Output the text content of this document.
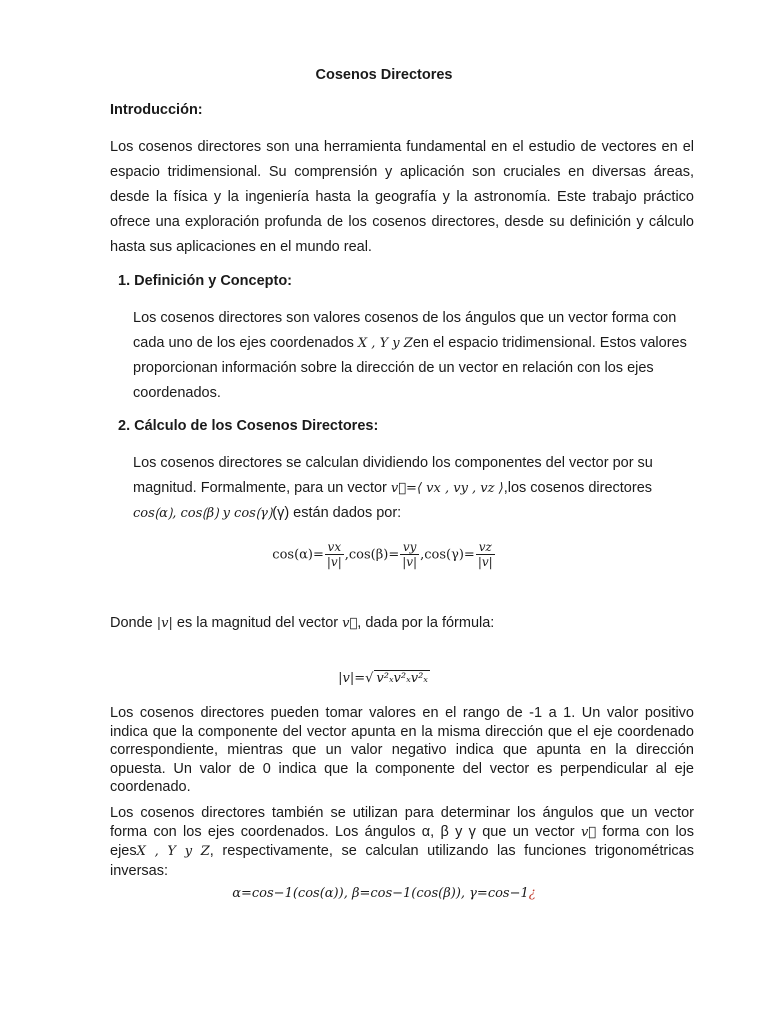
Cosenos Directores
Introducción:
Los cosenos directores son una herramienta fundamental en el estudio de vectores en el espacio tridimensional. Su comprensión y aplicación son cruciales en diversas áreas, desde la física y la ingeniería hasta la geografía y la astronomía. Este trabajo práctico ofrece una exploración profunda de los cosenos directores, desde su definición y cálculo hasta sus aplicaciones en el mundo real.
1. Definición y Concepto:
Los cosenos directores son valores cosenos de los ángulos que un vector forma con cada uno de los ejes coordenados X , Y y Zen el espacio tridimensional. Estos valores proporcionan información sobre la dirección de un vector en relación con los ejes coordenados.
2. Cálculo de los Cosenos Directores:
Los cosenos directores se calculan dividiendo los componentes del vector por su magnitud. Formalmente, para un vector v⃗=⟨ vx , vy , vz ⟩,los cosenos directores cos⟮α⟯, cos⟮β⟯ y cos⟮γ⟯(γ) están dados por:
$\cos(\alpha)= \frac{vx}{|v|} ,\cos(\beta)= \frac{vy}{|v|} ,\cos(\gamma)= \frac{vz}{|v|}$
Donde |v| es la magnitud del vector v⃗, dada por la fórmula:
|v|=√ v²ₓv²ₓv²ₓ
Los cosenos directores pueden tomar valores en el rango de -1 a 1. Un valor positivo indica que la componente del vector apunta en la misma dirección que el eje coordenado correspondiente, mientras que un valor negativo indica que apunta en la dirección opuesta. Un valor de 0 indica que la componente del vector es perpendicular al eje coordenado.
Los cosenos directores también se utilizan para determinar los ángulos que un vector forma con los ejes coordenados. Los ángulos α, β y γ que un vector v⃗ forma con los ejesX , Y y Z, respectivamente, se calculan utilizando las funciones trigonométricas inversas:
α=cos−1(cos(α)), β=cos−1(cos(β)), γ=cos−1¿
